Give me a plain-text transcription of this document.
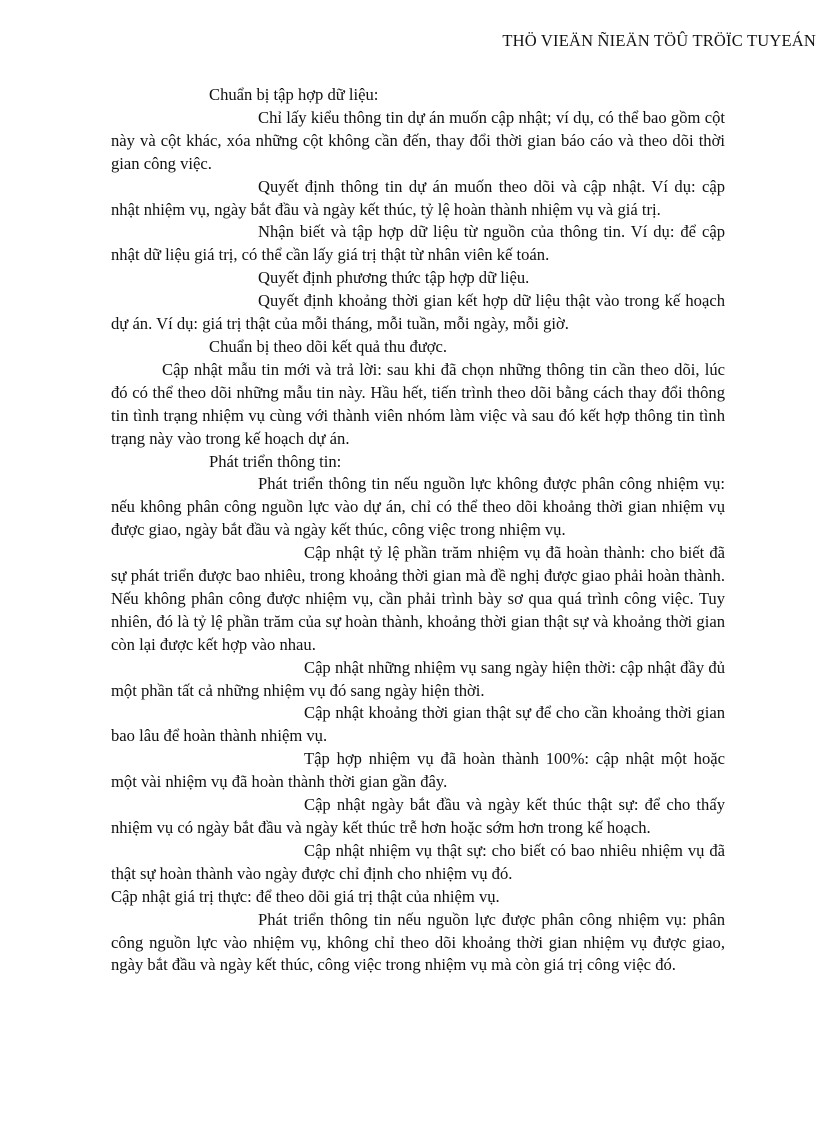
THÖ VIEÄN ÑIEÄN TÖÛ TRÖÏC TUYEÁN

Chuẩn bị tập hợp dữ liệu:

Chỉ lấy kiểu thông tin dự án muốn cập nhật; ví dụ, có thể bao gồm cột này và cột khác, xóa những cột không cần đến, thay đổi thời gian báo cáo và theo dõi thời gian công việc.

Quyết định thông tin dự án muốn theo dõi và cập nhật. Ví dụ: cập nhật nhiệm vụ, ngày bắt đầu và ngày kết thúc, tỷ lệ hoàn thành nhiệm vụ và giá trị.

Nhận biết và tập hợp dữ liệu từ nguồn của thông tin. Ví dụ: để cập nhật dữ liệu giá trị, có thể cần lấy giá trị thật từ nhân viên kế toán.

Quyết định phương thức tập hợp dữ liệu.

Quyết định khoảng thời gian kết hợp dữ liệu thật vào trong kế hoạch dự án. Ví dụ: giá trị thật của mỗi tháng, mỗi tuần, mỗi ngày, mỗi giờ.

Chuẩn bị theo dõi kết quả thu được.

Cập nhật mẫu tin mới và trả lời: sau khi đã chọn những thông tin cần theo dõi, lúc đó có thể theo dõi những mẫu tin này. Hầu hết, tiến trình theo dõi bằng cách thay đổi thông tin tình trạng nhiệm vụ cùng với thành viên nhóm làm việc và sau đó kết hợp thông tin tình trạng này vào trong kế hoạch dự án.

Phát triển thông tin:

Phát triển thông tin nếu nguồn lực không được phân công nhiệm vụ: nếu không phân công nguồn lực vào dự án, chỉ có thể theo dõi khoảng thời gian nhiệm vụ được giao, ngày bắt đầu và ngày kết thúc, công việc trong nhiệm vụ.

Cập nhật tỷ lệ phần trăm nhiệm vụ đã hoàn thành: cho biết đã sự phát triển được bao nhiêu, trong khoảng thời gian mà đề nghị được giao phải hoàn thành. Nếu không phân công được nhiệm vụ, cần phải trình bày sơ qua quá trình công việc. Tuy nhiên, đó là tỷ lệ phần trăm của sự hoàn thành, khoảng thời gian thật sự và khoảng thời gian còn lại được kết hợp vào nhau.

Cập nhật những nhiệm vụ sang ngày hiện thời: cập nhật đầy đủ một phần tất cả những nhiệm vụ đó sang ngày hiện thời.

Cập nhật khoảng thời gian thật sự để cho cần khoảng thời gian bao lâu để hoàn thành nhiệm vụ.

Tập hợp nhiệm vụ đã hoàn thành 100%: cập nhật một hoặc một vài nhiệm vụ đã hoàn thành thời gian gần đây.

Cập nhật ngày bắt đầu và ngày kết thúc thật sự: để cho thấy nhiệm vụ có ngày bắt đầu và ngày kết thúc trễ hơn hoặc sớm hơn trong kế hoạch.

Cập nhật nhiệm vụ thật sự: cho biết có bao nhiêu nhiệm vụ đã thật sự hoàn thành vào ngày được chỉ định cho nhiệm vụ đó.

Cập nhật giá trị thực: để theo dõi giá trị thật của nhiệm vụ.

Phát triển thông tin nếu nguồn lực được phân công nhiệm vụ: phân công nguồn lực vào nhiệm vụ, không chỉ theo dõi khoảng thời gian nhiệm vụ được giao, ngày bắt đầu và ngày kết thúc, công việc trong nhiệm vụ mà còn giá trị công việc đó.
